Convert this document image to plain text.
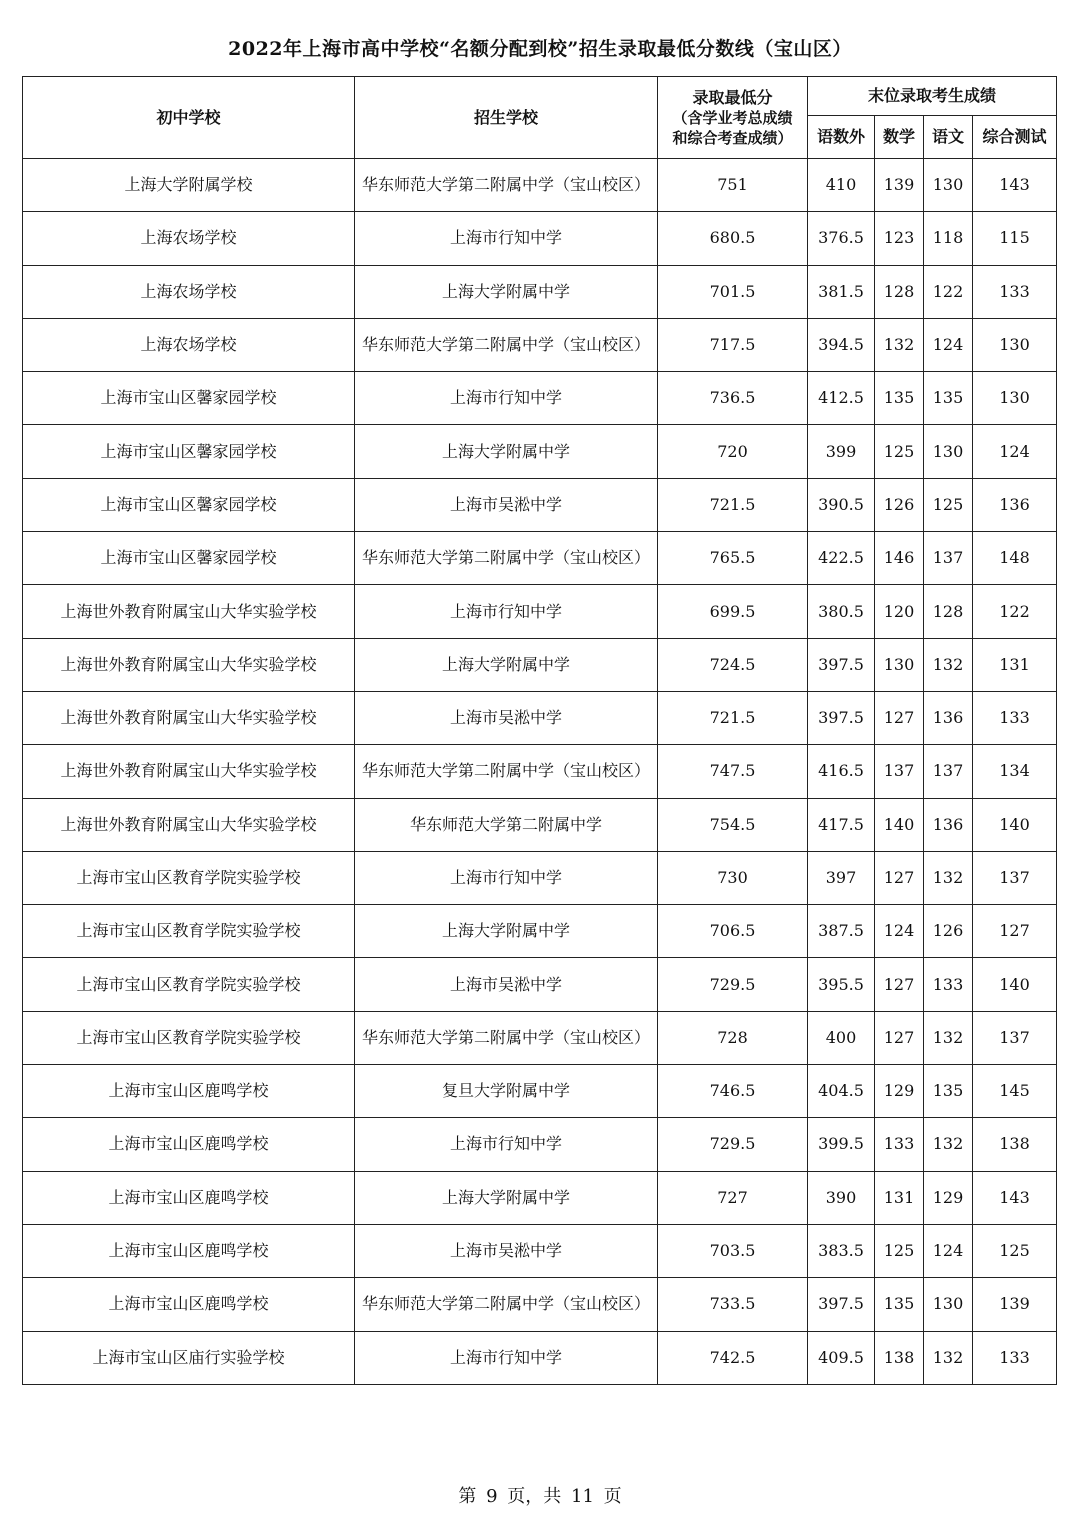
2022年上海市高中学校“名额分配到校”招生录取最低分数线（宝山区）
初中学校	招生学校	录取最低分
（含学业考总成绩
和综合考查成绩）	末位录取考生成绩			
			语数外	数学	语文	综合测试
上海大学附属学校	华东师范大学第二附属中学（宝山校区）	751	410	139	130	143
上海农场学校	上海市行知中学	680.5	376.5	123	118	115
上海农场学校	上海大学附属中学	701.5	381.5	128	122	133
上海农场学校	华东师范大学第二附属中学（宝山校区）	717.5	394.5	132	124	130
上海市宝山区馨家园学校	上海市行知中学	736.5	412.5	135	135	130
上海市宝山区馨家园学校	上海大学附属中学	720	399	125	130	124
上海市宝山区馨家园学校	上海市吴淞中学	721.5	390.5	126	125	136
上海市宝山区馨家园学校	华东师范大学第二附属中学（宝山校区）	765.5	422.5	146	137	148
上海世外教育附属宝山大华实验学校	上海市行知中学	699.5	380.5	120	128	122
上海世外教育附属宝山大华实验学校	上海大学附属中学	724.5	397.5	130	132	131
上海世外教育附属宝山大华实验学校	上海市吴淞中学	721.5	397.5	127	136	133
上海世外教育附属宝山大华实验学校	华东师范大学第二附属中学（宝山校区）	747.5	416.5	137	137	134
上海世外教育附属宝山大华实验学校	华东师范大学第二附属中学	754.5	417.5	140	136	140
上海市宝山区教育学院实验学校	上海市行知中学	730	397	127	132	137
上海市宝山区教育学院实验学校	上海大学附属中学	706.5	387.5	124	126	127
上海市宝山区教育学院实验学校	上海市吴淞中学	729.5	395.5	127	133	140
上海市宝山区教育学院实验学校	华东师范大学第二附属中学（宝山校区）	728	400	127	132	137
上海市宝山区鹿鸣学校	复旦大学附属中学	746.5	404.5	129	135	145
上海市宝山区鹿鸣学校	上海市行知中学	729.5	399.5	133	132	138
上海市宝山区鹿鸣学校	上海大学附属中学	727	390	131	129	143
上海市宝山区鹿鸣学校	上海市吴淞中学	703.5	383.5	125	124	125
上海市宝山区鹿鸣学校	华东师范大学第二附属中学（宝山校区）	733.5	397.5	135	130	139
上海市宝山区庙行实验学校	上海市行知中学	742.5	409.5	138	132	133
第 9 页，共 11 页
